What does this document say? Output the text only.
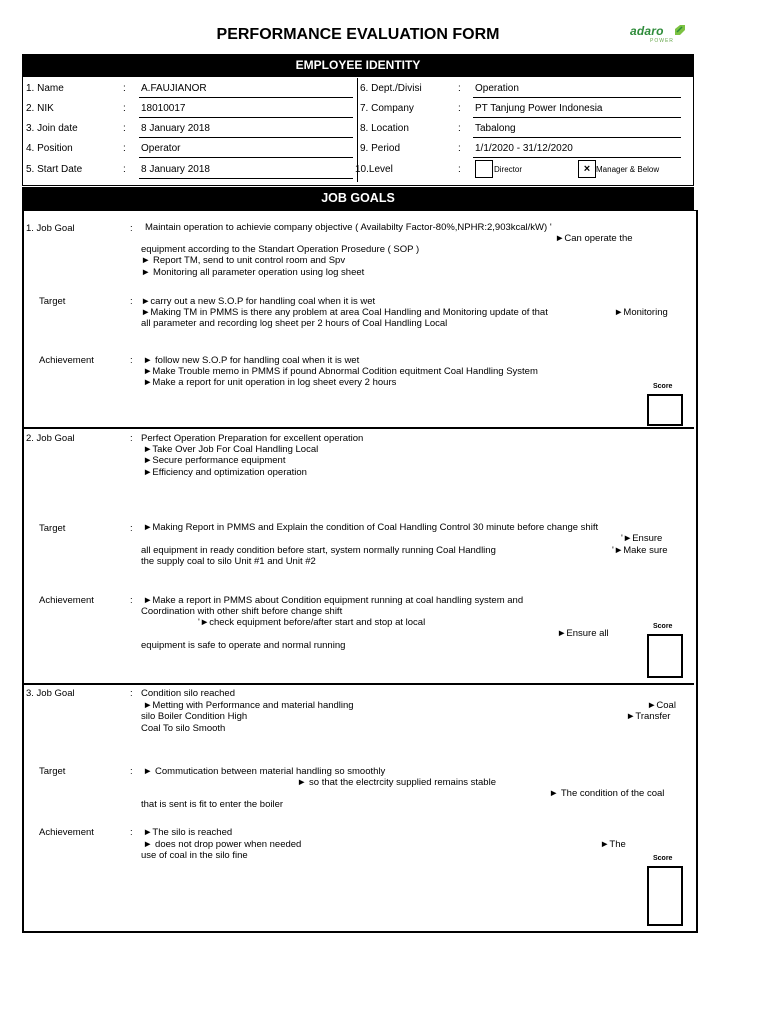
PERFORMANCE EVALUATION FORM	adaro
POWER
EMPLOYEE IDENTITY
1. Name	: A.FAUJIANOR
2. NIK	: 18010017
3. Join date	: 8 January 2018
4. Position	: Operator
5. Start Date	: 8 January 2018
6. Dept./Divisi	: Operation
7. Company	: PT Tanjung Power Indonesia
8. Location	: Tabalong
9. Period	: 1/1/2020 - 31/12/2020
10.Level	:	Director	× Manager & Below
JOB GOALS
1. Job Goal	: Maintain operation to achievie company objective ( Availabilty Factor-80%,NPHR:2,903kcal/kW) '
►Can operate the
equipment according to the Standart Operation Prosedure ( SOP )
► Report TM, send to unit control room and Spv
► Monitoring all parameter operation using log sheet
Target	: ►carry out a new S.O.P for handling coal when it is wet
►Making TM in PMMS is there any problem at area Coal Handling and Monitoring update of that	►Monitoring
all parameter and recording log sheet per 2 hours of Coal Handling Local
Achievement	: ► follow new S.O.P for handling coal when it is wet
►Make Trouble memo in PMMS if pound Abnormal Codition equitment Coal Handling System
►Make a report for unit operation in log sheet every 2 hours	Score
2. Job Goal	: Perfect Operation Preparation for excellent operation
►Take Over Job For Coal Handling Local
►Secure performance equipment
►Efficiency and optimization operation
Target	: ►Making Report in PMMS and Explain the condition of Coal Handling Control 30 minute before change shift
'►Ensure
all equipment in ready condition before start, system normally running Coal Handling	'►Make sure
the supply coal to silo Unit #1 and Unit #2
Achievement	: ►Make a report in PMMS about Condition equipment running at coal handling system and
Coordination with other shift before change shift
'►check equipment before/after start and stop at local
►Ensure all
equipment is safe to operate and normal running
Score
3. Job Goal	: Condition silo reached
►Metting with Performance and material handling	►Coal
silo Boiler Condition High	►Transfer
Coal To silo Smooth
Target	: ► Commutication between material handling so smoothly
► so that the electrcity supplied remains stable
► The condition of the coal
that is sent is fit to enter the boiler
Achievement	: ►The silo is reached
► does not drop power when needed	►The
use of coal in the silo fine	Score
